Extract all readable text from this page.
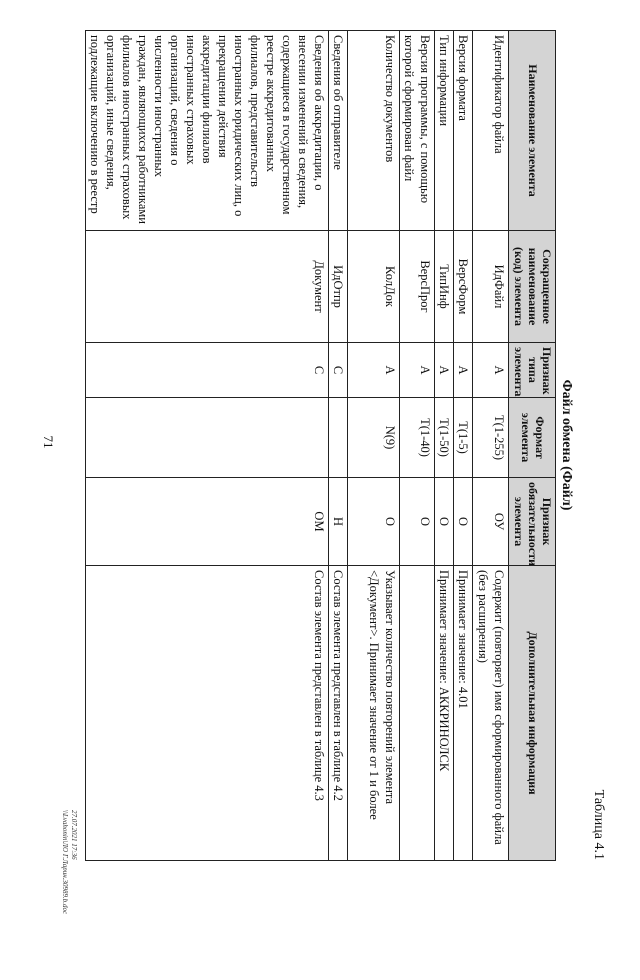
71
Таблица 4.1
Файл обмена (Файл)
Наименование элемента	Сокращенное наименование (код) элемента	Признак типа элемента	Формат элемента	Признак обязательности элемента	Дополнительная информация
Идентификатор файла	ИдФайл	А	T(1-255)	ОУ	Содержит (повторяет) имя сформированного файла (без расширения)
Версия формата	ВерсФорм	А	T(1-5)	О	Принимает значение: 4.01
Тип информации	ТипИнф	А	T(1-50)	О	Принимает значение: АККРИНОЛСК
Версия программы, с помощью которой сформирован файл	ВерсПрог	А	T(1-40)	О	
Количество документов	КолДок	А	N(9)	О	Указывает количество повторений элемента <Документ>. Принимает значение от 1 и более
Сведения об отправителе	ИдОтпр	С		Н	Состав элемента представлен в таблице 4.2
Сведения об аккредитации, о внесении изменений в сведения, содержащиеся в государственном реестре аккредитованных филиалов, представительств иностранных юридических лиц, о прекращении действия аккредитации филиалов иностранных страховых организаций, сведения о численности иностранных граждан, являющихся работниками филиалов иностранных страховых организаций, иные сведения, подлежащие включению в реестр	Документ	С		ОМ	Состав элемента представлен в таблице 4.3
27.07.2021 17:36
\\Lvahonin\ЛО Г.Ларин.30989.b.doc
